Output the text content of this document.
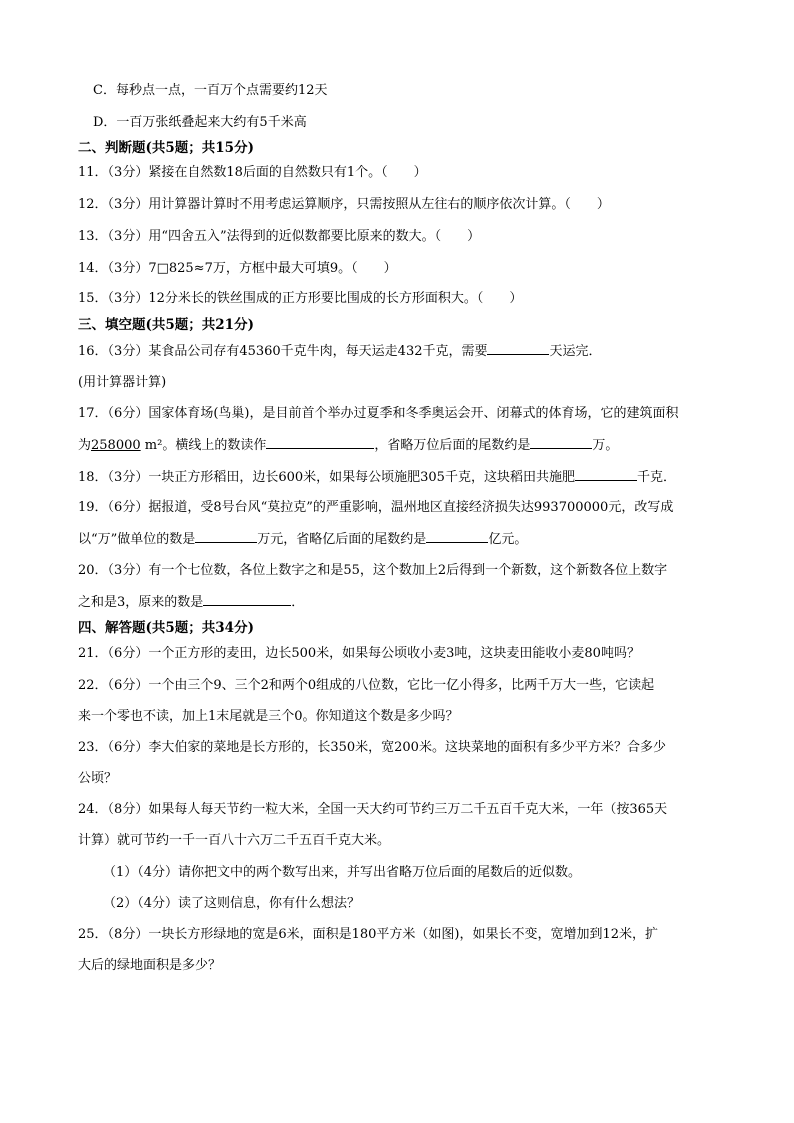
C．每秒点一点，一百万个点需要约12天
D．一百万张纸叠起来大约有5千米高
二、判断题(共5题；共15分)
11．（3分）紧接在自然数18后面的自然数只有1个。（　　）
12．（3分）用计算器计算时不用考虑运算顺序，只需按照从左往右的顺序依次计算。（　　）
13．（3分）用“四舍五入”法得到的近似数都要比原来的数大。（　　）
14．（3分）7□825≈7万，方框中最大可填9。（　　）
15．（3分）12分米长的铁丝围成的正方形要比围成的长方形面积大。（　　）
三、填空题(共5题；共21分)
16．（3分）某食品公司存有45360千克牛肉，每天运走432千克，需要	天运完．
(用计算器计算)
17．（6分）国家体育场(鸟巢)，是目前首个举办过夏季和冬季奥运会开、闭幕式的体育场，它的建筑面积
为258000 m²。横线上的数读作	，省略万位后面的尾数约是	万。
18．（3分）一块正方形稻田，边长600米，如果每公顷施肥305千克，这块稻田共施肥	千克．
19．（6分）据报道，受8号台风“莫拉克”的严重影响，温州地区直接经济损失达993700000元，改写成
以“万”做单位的数是	万元，省略亿后面的尾数约是	亿元。
20．（3分）有一个七位数，各位上数字之和是55，这个数加上2后得到一个新数，这个新数各位上数字
之和是3，原来的数是	．
四、解答题(共5题；共34分)
21．（6分）一个正方形的麦田，边长500米，如果每公顷收小麦3吨，这块麦田能收小麦80吨吗？
22．（6分）一个由三个9、三个2和两个0组成的八位数，它比一亿小得多，比两千万大一些，它读起
来一个零也不读，加上1末尾就是三个0。你知道这个数是多少吗？
23．（6分）李大伯家的菜地是长方形的，长350米，宽200米。这块菜地的面积有多少平方米？合多少
公顷？
24．（8分）如果每人每天节约一粒大米，全国一天大约可节约三万二千五百千克大米，一年（按365天
计算）就可节约一千一百八十六万二千五百千克大米。
（1）（4分）请你把文中的两个数写出来，并写出省略万位后面的尾数后的近似数。
（2）（4分）读了这则信息，你有什么想法？
25．（8分）一块长方形绿地的宽是6米，面积是180平方米（如图)，如果长不变，宽增加到12米，扩
大后的绿地面积是多少？
